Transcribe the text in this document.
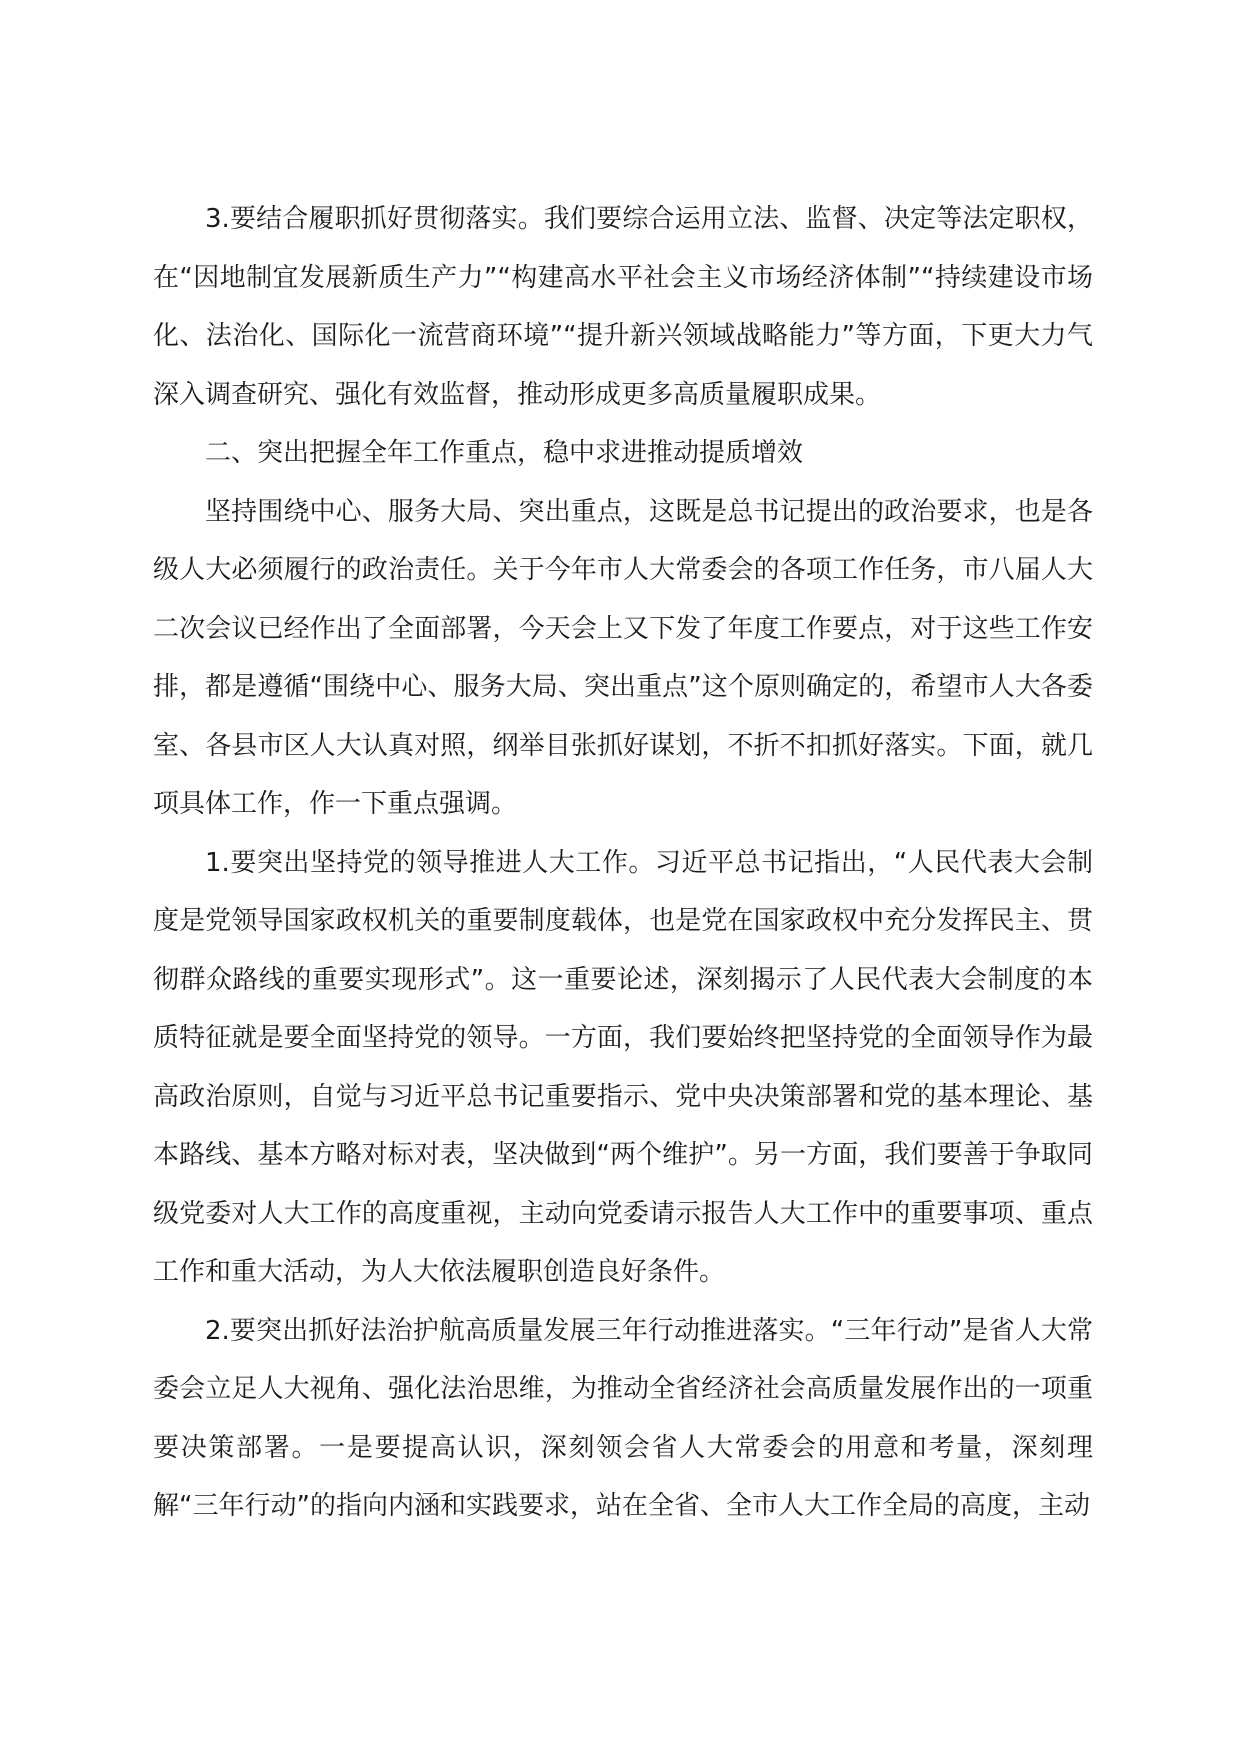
3.要结合履职抓好贯彻落实。我们要综合运用立法、监督、决定等法定职权，在“因地制宜发展新质生产力”“构建高水平社会主义市场经济体制”“持续建设市场化、法治化、国际化一流营商环境”“提升新兴领域战略能力”等方面，下更大力气深入调查研究、强化有效监督，推动形成更多高质量履职成果。

二、突出把握全年工作重点，稳中求进推动提质增效

坚持围绕中心、服务大局、突出重点，这既是总书记提出的政治要求，也是各级人大必须履行的政治责任。关于今年市人大常委会的各项工作任务，市八届人大二次会议已经作出了全面部署，今天会上又下发了年度工作要点，对于这些工作安排，都是遵循“围绕中心、服务大局、突出重点”这个原则确定的，希望市人大各委室、各县市区人大认真对照，纲举目张抓好谋划，不折不扣抓好落实。下面，就几项具体工作，作一下重点强调。

1.要突出坚持党的领导推进人大工作。习近平总书记指出，“人民代表大会制度是党领导国家政权机关的重要制度载体，也是党在国家政权中充分发挥民主、贯彻群众路线的重要实现形式”。这一重要论述，深刻揭示了人民代表大会制度的本质特征就是要全面坚持党的领导。一方面，我们要始终把坚持党的全面领导作为最高政治原则，自觉与习近平总书记重要指示、党中央决策部署和党的基本理论、基本路线、基本方略对标对表，坚决做到“两个维护”。另一方面，我们要善于争取同级党委对人大工作的高度重视，主动向党委请示报告人大工作中的重要事项、重点工作和重大活动，为人大依法履职创造良好条件。

2.要突出抓好法治护航高质量发展三年行动推进落实。“三年行动”是省人大常委会立足人大视角、强化法治思维，为推动全省经济社会高质量发展作出的一项重要决策部署。一是要提高认识，深刻领会省人大常委会的用意和考量，深刻理解“三年行动”的指向内涵和实践要求，站在全省、全市人大工作全局的高度，主动
